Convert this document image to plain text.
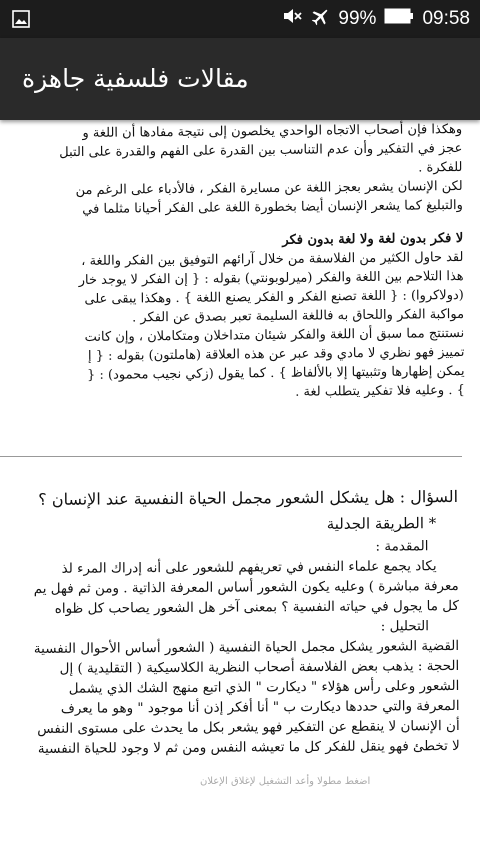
99% 09:58
مقالات فلسفية جاهزة

وهكذا فإن أصحاب الاتجاه الواحدي يخلصون إلى نتيجة مفادها أن اللغة و

عجز في التفكير وأن عدم التناسب بين القدرة على الفهم والقدرة على التبل

للفكرة .

لكن الإنسان يشعر بعجز اللغة عن مسايرة الفكر ، فالأدباء على الرغم من

والتبليغ كما يشعر الإنسان أيضا بخطورة اللغة على الفكر أحيانا مثلما في

لا فكر بدون لغة ولا لغة بدون فكر

لقد حاول الكثير من الفلاسفة من خلال آرائهم التوفيق بين الفكر واللغة ،

هذا التلاحم بين اللغة والفكر (ميرلوبونتي) بقوله : { إن الفكر لا يوجد خار

(دولاكروا) : { اللغة تصنع الفكر و الفكر يصنع اللغة } . وهكذا يبقى على

مواكبة الفكر واللحاق به فاللغة السليمة تعبر بصدق عن الفكر .

نستنتج مما سبق أن اللغة والفكر شيئان متداخلان ومتكاملان ، وإن كانت

تمييز فهو نظري لا مادي وقد عبر عن هذه العلاقة (هاملتون) بقوله : { إ

يمكن إظهارها وتثبيتها إلا بالألفاظ } . كما يقول (زكي نجيب محمود) : {

} . وعليه فلا تفكير يتطلب لغة .

السؤال : هل يشكل الشعور مجمل الحياة النفسية عند الإنسان ؟

* الطريقة الجدلية

المقدمة :

يكاد يجمع علماء النفس في تعريفهم للشعور على أنه إدراك المرء لذ

معرفة مباشرة ) وعليه يكون الشعور أساس المعرفة الذاتية . ومن ثم فهل يم

كل ما يجول في حياته النفسية ؟ بمعنى آخر هل الشعور يصاحب كل ظواه

التحليل :

القضية الشعور يشكل مجمل الحياة النفسية ( الشعور أساس الأحوال النفسية

الحجة : يذهب بعض الفلاسفة أصحاب النظرية الكلاسيكية ( التقليدية ) إل

الشعور وعلى رأس هؤلاء " ديكارت " الذي اتبع منهج الشك الذي يشمل

المعرفة والتي حددها ديكارت ب " أنا أفكر إذن أنا موجود " وهو ما يعرف

أن الإنسان لا ينقطع عن التفكير فهو يشعر بكل ما يحدث على مستوى النفس

لا تخطئ فهو ينقل للفكر كل ما تعيشه النفس ومن ثم لا وجود للحياة النفسية

اضغط مطولا وأعد التشغيل لإغلاق الإعلان
